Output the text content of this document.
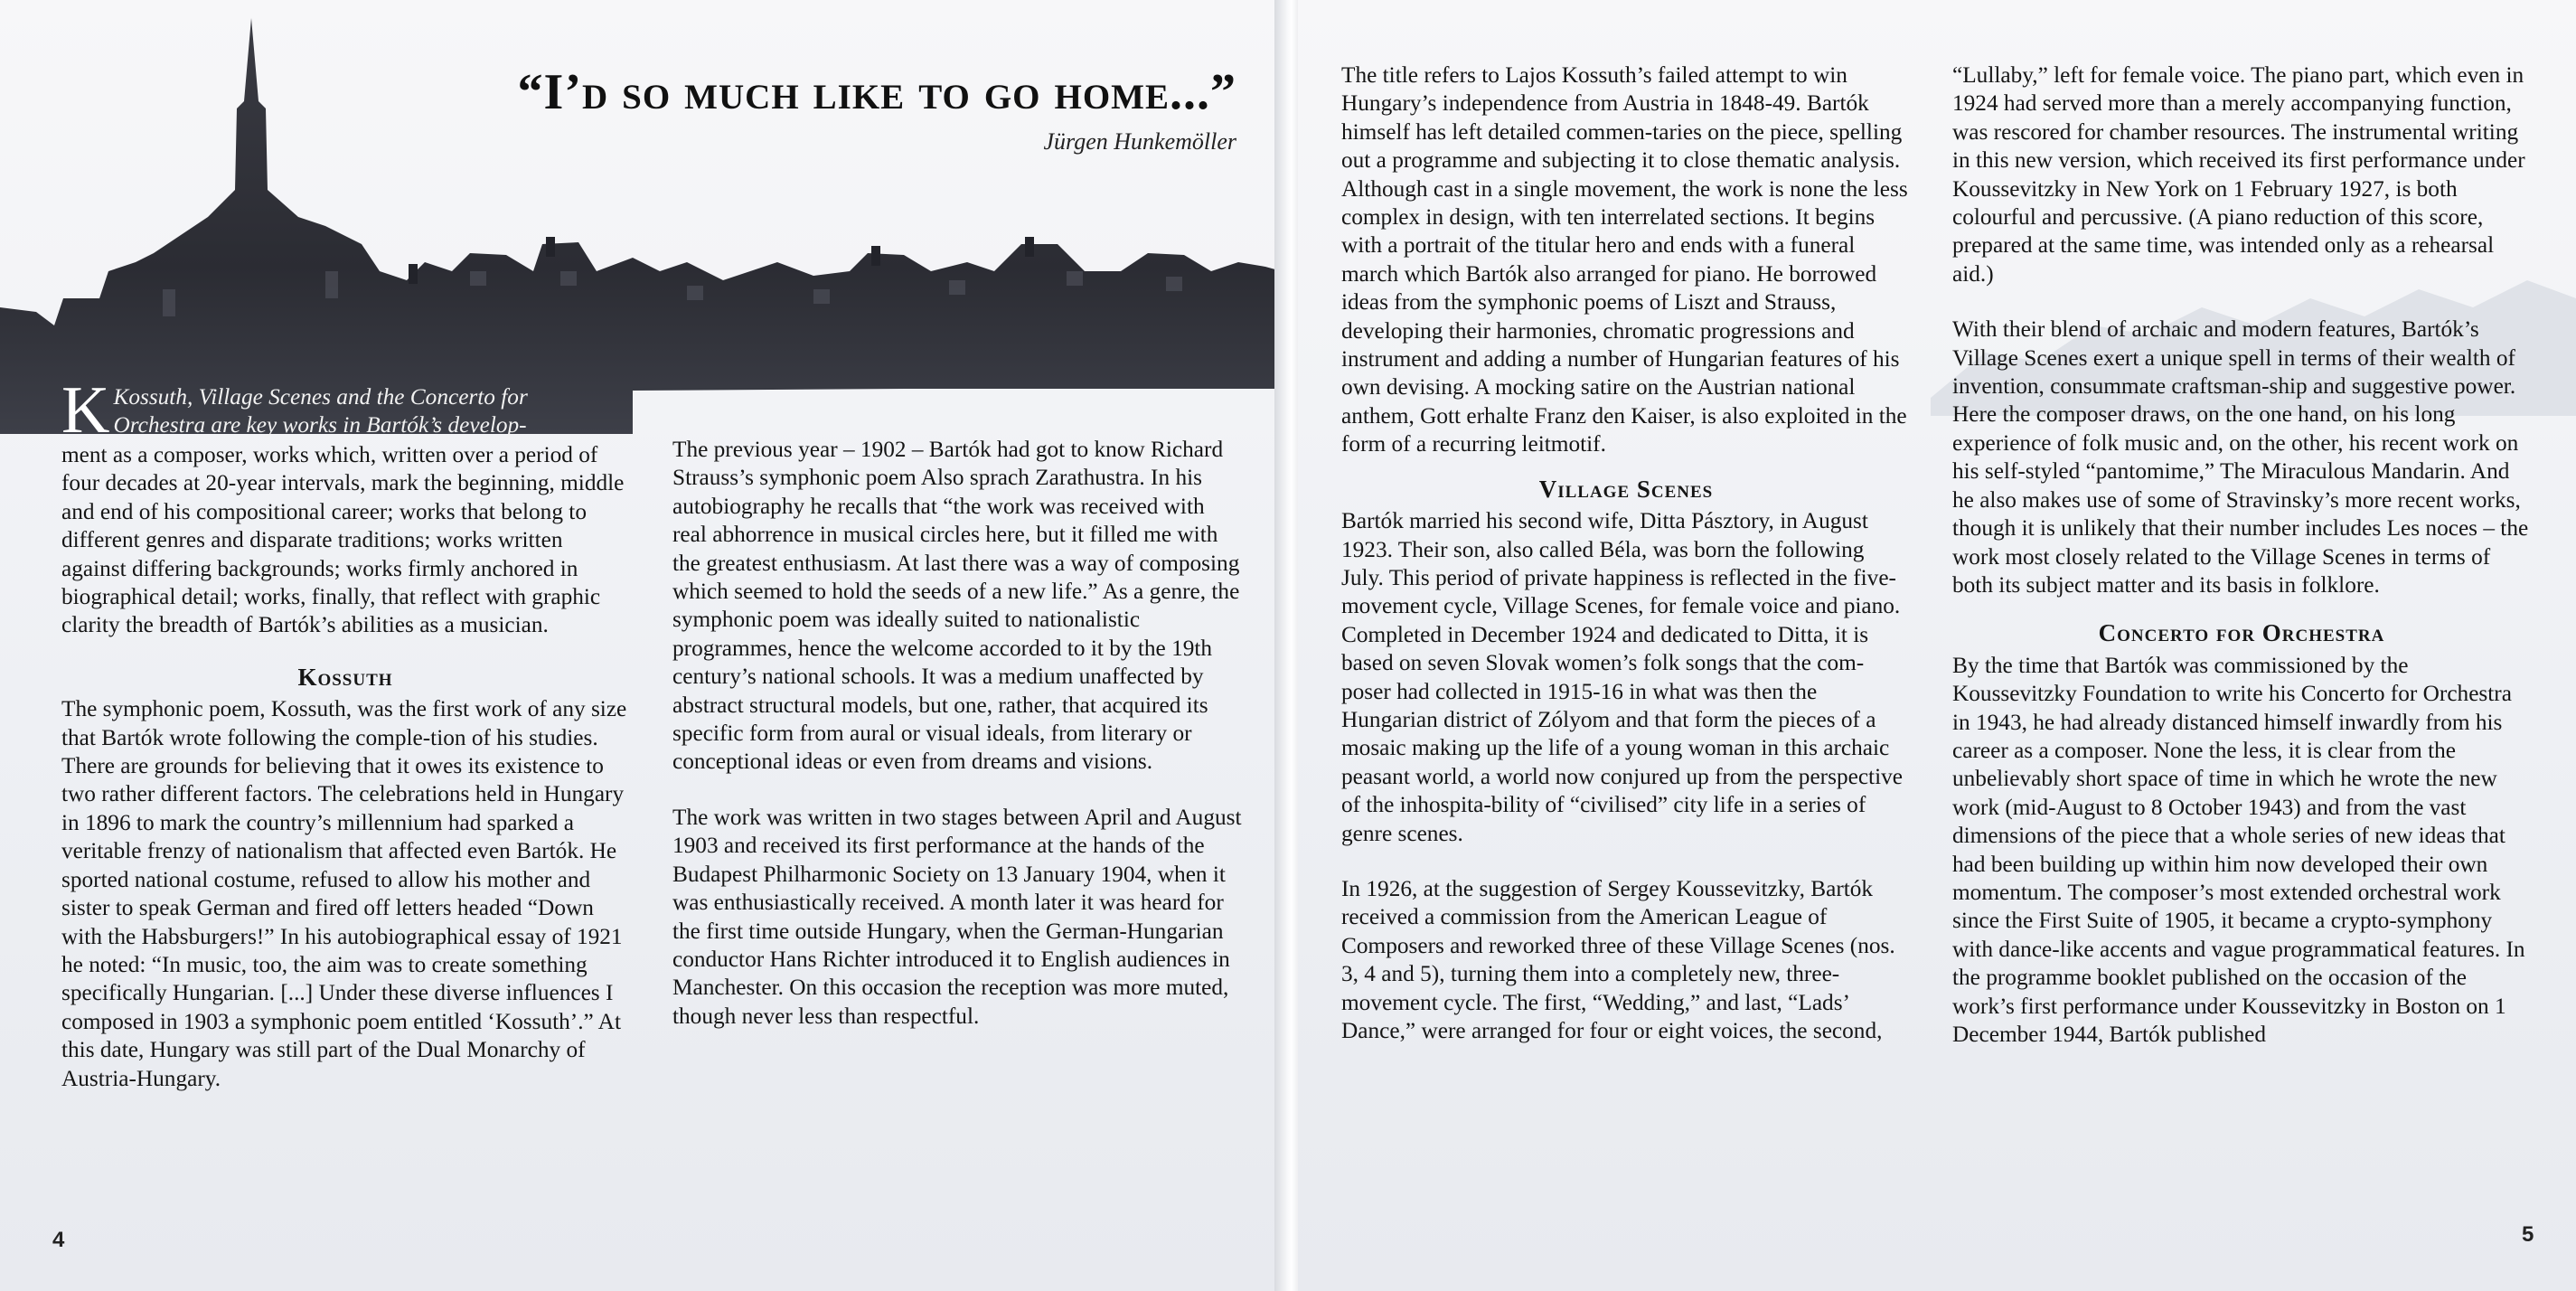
“I’d so much like to go home...”
Jürgen Hunkemöller
K Kossuth, Village Scenes and the Concerto for Orchestra are key works in Bartók’s develop-

ment as a composer, works which, written over a period of four decades at 20-year intervals, mark the beginning, middle and end of his compositional career; works that belong to different genres and disparate traditions; works written against differing backgrounds; works firmly anchored in biographical detail; works, finally, that reflect with graphic clarity the breadth of Bartók’s abilities as a musician.

Kossuth

The symphonic poem, Kossuth, was the first work of any size that Bartók wrote following the comple-tion of his studies. There are grounds for believing that it owes its existence to two rather different factors. The celebrations held in Hungary in 1896 to mark the country’s millennium had sparked a veritable frenzy of nationalism that affected even Bartók. He sported national costume, refused to allow his mother and sister to speak German and fired off letters headed “Down with the Habsburgers!” In his autobiographical essay of 1921 he noted: “In music, too, the aim was to create something specifically Hungarian. [...] Under these diverse influences I composed in 1903 a symphonic poem entitled ‘Kossuth’.” At this date, Hungary was still part of the Dual Monarchy of Austria-Hungary.

The previous year – 1902 – Bartók had got to know Richard Strauss’s symphonic poem Also sprach Zarathustra. In his autobiography he recalls that “the work was received with real abhorrence in musical circles here, but it filled me with the greatest enthusiasm. At last there was a way of composing which seemed to hold the seeds of a new life.” As a genre, the symphonic poem was ideally suited to nationalistic programmes, hence the welcome accorded to it by the 19th century’s national schools. It was a medium unaffected by abstract structural models, but one, rather, that acquired its specific form from aural or visual ideals, from literary or conceptional ideas or even from dreams and visions.

The work was written in two stages between April and August 1903 and received its first performance at the hands of the Budapest Philharmonic Society on 13 January 1904, when it was enthusiastically received. A month later it was heard for the first time outside Hungary, when the German-Hungarian conductor Hans Richter introduced it to English audiences in Manchester. On this occasion the reception was more muted, though never less than respectful.

4

The title refers to Lajos Kossuth’s failed attempt to win Hungary’s independence from Austria in 1848-49. Bartók himself has left detailed commen-taries on the piece, spelling out a programme and subjecting it to close thematic analysis. Although cast in a single movement, the work is none the less complex in design, with ten interrelated sections. It begins with a portrait of the titular hero and ends with a funeral march which Bartók also arranged for piano. He borrowed ideas from the symphonic poems of Liszt and Strauss, developing their harmonies, chromatic progressions and instrument and adding a number of Hungarian features of his own devising. A mocking satire on the Austrian national anthem, Gott erhalte Franz den Kaiser, is also exploited in the form of a recurring leitmotif.

Village Scenes

Bartók married his second wife, Ditta Pásztory, in August 1923. Their son, also called Béla, was born the following July. This period of private happiness is reflected in the five-movement cycle, Village Scenes, for female voice and piano. Completed in December 1924 and dedicated to Ditta, it is based on seven Slovak women’s folk songs that the com-poser had collected in 1915-16 in what was then the Hungarian district of Zólyom and that form the pieces of a mosaic making up the life of a young woman in this archaic peasant world, a world now conjured up from the perspective of the inhospita-bility of “civilised” city life in a series of genre scenes.

In 1926, at the suggestion of Sergey Koussevitzky, Bartók received a commission from the American League of Composers and reworked three of these Village Scenes (nos. 3, 4 and 5), turning them into a completely new, three-movement cycle. The first, “Wedding,” and last, “Lads’ Dance,” were arranged for four or eight voices, the second,

“Lullaby,” left for female voice. The piano part, which even in 1924 had served more than a merely accompanying function, was rescored for chamber resources. The instrumental writing in this new version, which received its first performance under Koussevitzky in New York on 1 February 1927, is both colourful and percussive. (A piano reduction of this score, prepared at the same time, was intended only as a rehearsal aid.)

With their blend of archaic and modern features, Bartók’s Village Scenes exert a unique spell in terms of their wealth of invention, consummate craftsman-ship and suggestive power. Here the composer draws, on the one hand, on his long experience of folk music and, on the other, his recent work on his self-styled “pantomime,” The Miraculous Mandarin. And he also makes use of some of Stravinsky’s more recent works, though it is unlikely that their number includes Les noces – the work most closely related to the Village Scenes in terms of both its subject matter and its basis in folklore.

Concerto for Orchestra

By the time that Bartók was commissioned by the Koussevitzky Foundation to write his Concerto for Orchestra in 1943, he had already distanced himself inwardly from his career as a composer. None the less, it is clear from the unbelievably short space of time in which he wrote the new work (mid-August to 8 October 1943) and from the vast dimensions of the piece that a whole series of new ideas that had been building up within him now developed their own momentum. The composer’s most extended orchestral work since the First Suite of 1905, it became a crypto-symphony with dance-like accents and vague programmatical features. In the programme booklet published on the occasion of the work’s first performance under Koussevitzky in Boston on 1 December 1944, Bartók published

5
